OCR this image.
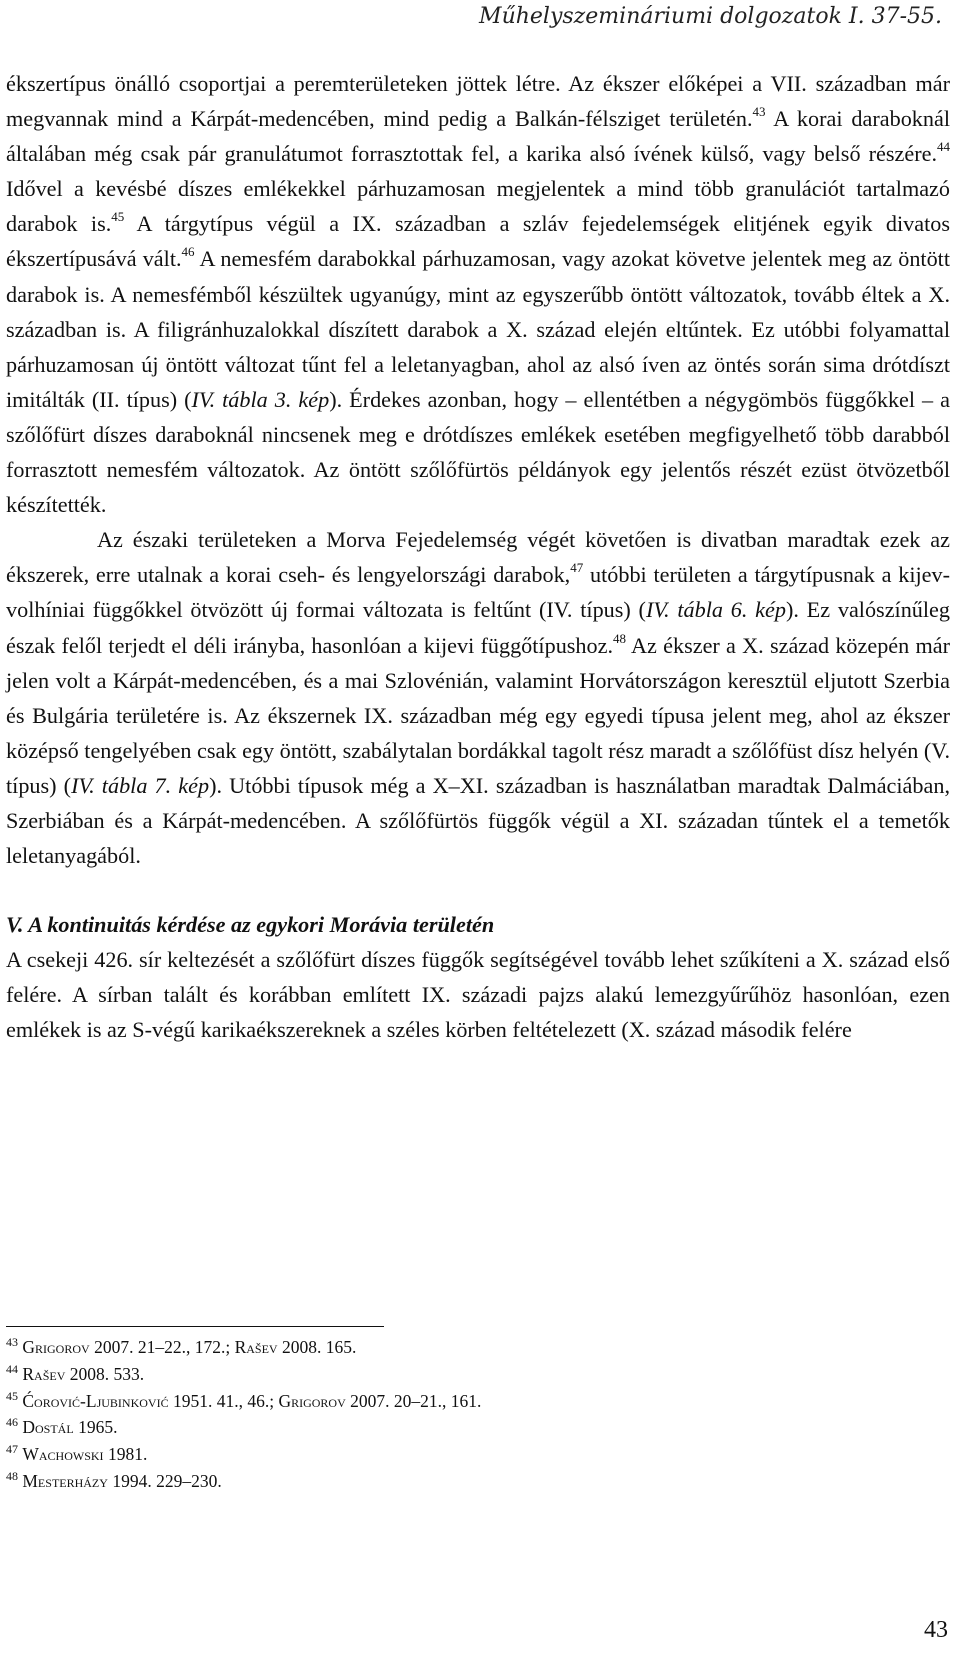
Műhelyszemináriumi dolgozatok I. 37-55.

ékszertípus önálló csoportjai a peremterületeken jöttek létre. Az ékszer előképei a VII. században már megvannak mind a Kárpát-medencében, mind pedig a Balkán-félsziget területén.$^{43}$ A korai daraboknál általában még csak pár granulátumot forrasztottak fel, a karika alsó ívének külső, vagy belső részére.$^{44}$ Idővel a kevésbé díszes emlékekkel párhuzamosan megjelentek a mind több granulációt tartalmazó darabok is.$^{45}$ A tárgytípus végül a IX. században a szláv fejedelemségek elitjének egyik divatos ékszertípusává vált.$^{46}$ A nemesfém darabokkal párhuzamosan, vagy azokat követve jelentek meg az öntött darabok is. A nemesfémből készültek ugyanúgy, mint az egyszerűbb öntött változatok, tovább éltek a X. században is. A filigránhuzalokkal díszített darabok a X. század elején eltűntek. Ez utóbbi folyamattal párhuzamosan új öntött változat tűnt fel a leletanyagban, ahol az alsó íven az öntés során sima drótdíszt imitálták (II. típus) (IV. tábla 3. kép). Érdekes azonban, hogy – ellentétben a négygömbös függőkkel – a szőlőfürt díszes daraboknál nincsenek meg e drótdíszes emlékek esetében megfigyelhető több darabból forrasztott nemesfém változatok. Az öntött szőlőfürtös példányok egy jelentős részét ezüst ötvözetből készítették.

Az északi területeken a Morva Fejedelemség végét követően is divatban maradtak ezek az ékszerek, erre utalnak a korai cseh- és lengyelországi darabok,$^{47}$ utóbbi területen a tárgytípusnak a kijev-volhíniai függőkkel ötvözött új formai változata is feltűnt (IV. típus) (IV. tábla 6. kép). Ez valószínűleg észak felől terjedt el déli irányba, hasonlóan a kijevi függőtípushoz.$^{48}$ Az ékszer a X. század közepén már jelen volt a Kárpát-medencében, és a mai Szlovénián, valamint Horvátországon keresztül eljutott Szerbia és Bulgária területére is. Az ékszernek IX. században még egy egyedi típusa jelent meg, ahol az ékszer középső tengelyében csak egy öntött, szabálytalan bordákkal tagolt rész maradt a szőlőfüst dísz helyén (V. típus) (IV. tábla 7. kép). Utóbbi típusok még a X–XI. században is használatban maradtak Dalmáciában, Szerbiában és a Kárpát-medencében. A szőlőfürtös függők végül a XI. századan tűntek el a temetők leletanyagából.

V. A kontinuitás kérdése az egykori Morávia területén

A csekeji 426. sír keltezését a szőlőfürt díszes függők segítségével tovább lehet szűkíteni a X. század első felére. A sírban talált és korábban említett IX. századi pajzs alakú lemezgyűrűhöz hasonlóan, ezen emlékek is az S-végű karikaékszereknek a széles körben feltételezett (X. század második felére

$^{43}$ Grigorov 2007. 21–22., 172.; Rašev 2008. 165.
$^{44}$ Rašev 2008. 533.
$^{45}$ Ćorović-Ljubinković 1951. 41., 46.; Grigorov 2007. 20–21., 161.
$^{46}$ Dostál 1965.
$^{47}$ Wachowski 1981.
$^{48}$ Mesterházy 1994. 229–230.
43
